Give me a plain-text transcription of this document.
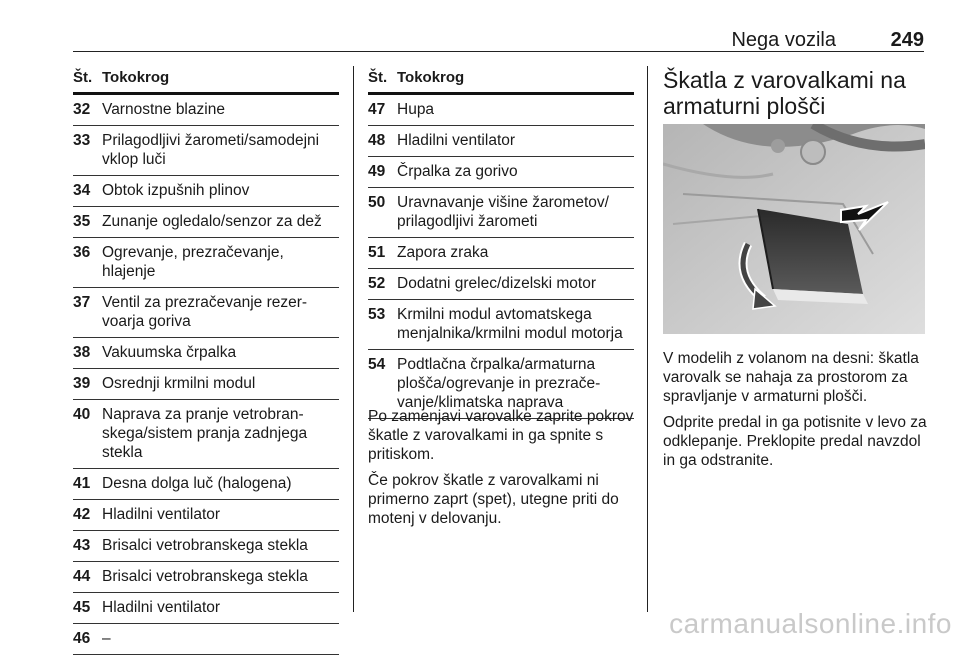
Nega vozila	249
Št. Tokokrog
32 Varnostne blazine
33 Prilagodljivi žarometi/samodejni vklop luči
34 Obtok izpušnih plinov
35 Zunanje ogledalo/senzor za dež
36 Ogrevanje, prezračevanje, hlajenje
37 Ventil za prezračevanje rezer-voarja goriva
38 Vakuumska črpalka
39 Osrednji krmilni modul
40 Naprava za pranje vetrobran-skega/sistem pranja zadnjega stekla
41 Desna dolga luč (halogena)
42 Hladilni ventilator
43 Brisalci vetrobranskega stekla
44 Brisalci vetrobranskega stekla
45 Hladilni ventilator
46 –
Št. Tokokrog
47 Hupa
48 Hladilni ventilator
49 Črpalka za gorivo
50 Uravnavanje višine žarometov/ prilagodljivi žarometi
51 Zapora zraka
52 Dodatni grelec/dizelski motor
53 Krmilni modul avtomatskega menjalnika/krmilni modul motorja
54 Podtlačna črpalka/armaturna plošča/ogrevanje in prezrače-vanje/klimatska naprava

Po zamenjavi varovalke zaprite pokrov škatle z varovalkami in ga spnite s pritiskom.

Če pokrov škatle z varovalkami ni primerno zaprt (spet), utegne priti do motenj v delovanju.

Škatla z varovalkami na armaturni plošči

V modelih z volanom na desni: škatla varovalk se nahaja za prostorom za spravljanje v armaturni plošči.

Odprite predal in ga potisnite v levo za odklepanje. Preklopite predal navzdol in ga odstranite.

carmanualsonline.info
